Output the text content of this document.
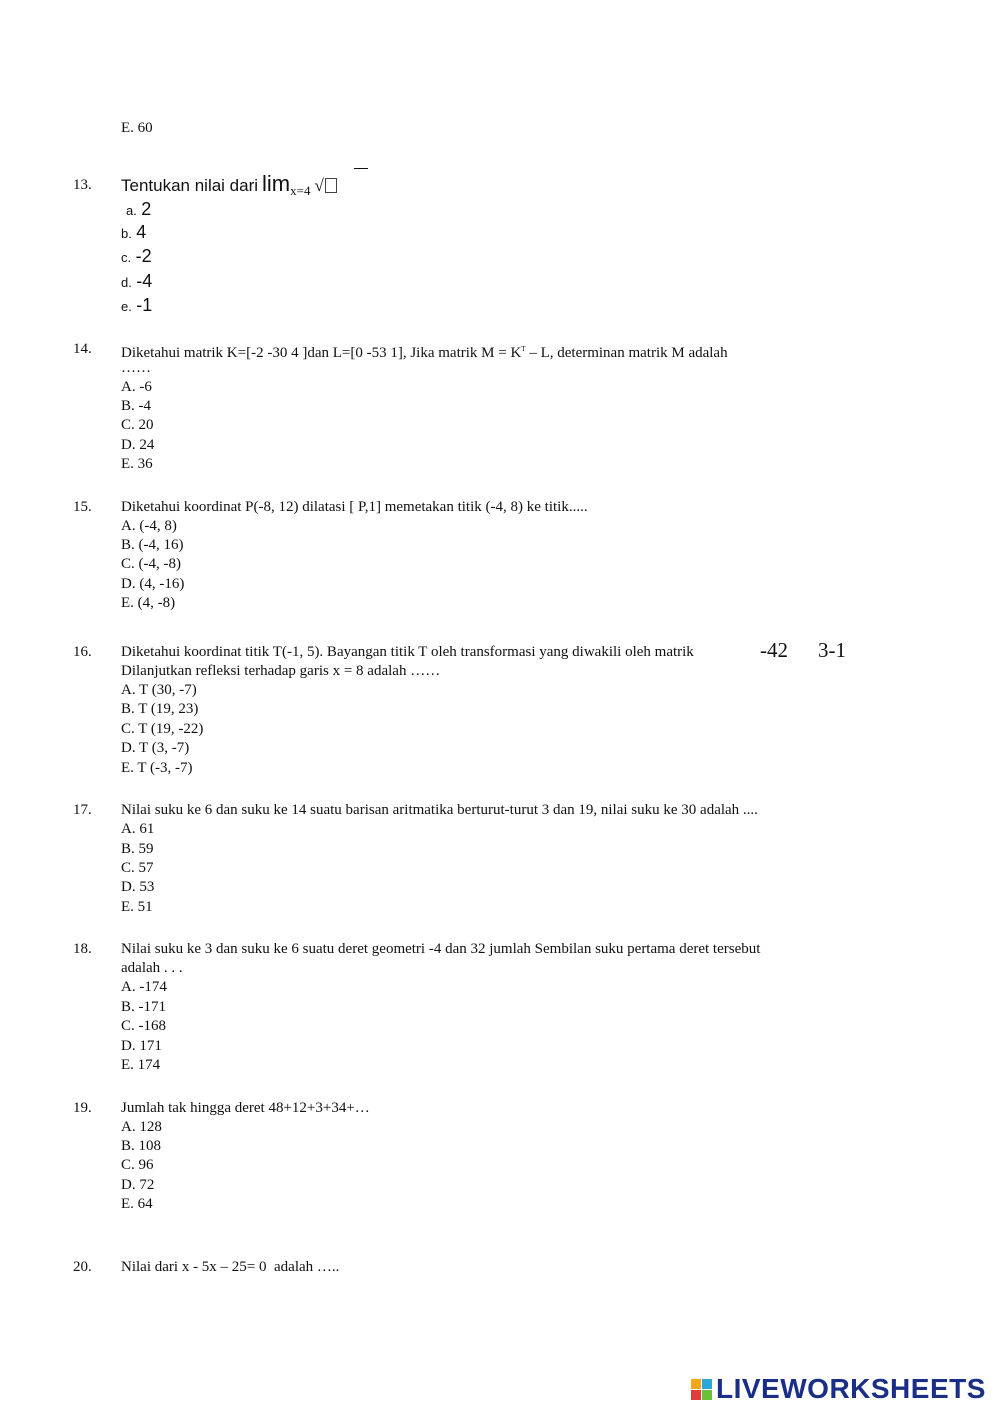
E. 60
13. Tentukan nilai dari $\lim_{x=4}$ √
a. 2
b. 4
c. -2
d. -4
e. -1
14. Diketahui matrik K=[-2 -30 4 ]dan L=[0 -53 1], Jika matrik $M = K^T - L$, determinan matrik M adalah
……
A. -6
B. -4
C. 20
D. 24
E. 36
15. Diketahui koordinat P(-8, 12) dilatasi [ P,1] memetakan titik (-4, 8) ke titik.....
A. (-4, 8)
B. (-4, 16)
C. (-4, -8)
D. (4, -16)
E. (4, -8)
16. Diketahui koordinat titik T(-1, 5). Bayangan titik T oleh transformasi yang diwakili oleh matrik	-42 3-1
Dilanjutkan refleksi terhadap garis x = 8 adalah ……
A. T (30, -7)
B. T (19, 23)
C. T (19, -22)
D. T (3, -7)
E. T (-3, -7)
17. Nilai suku ke 6 dan suku ke 14 suatu barisan aritmatika berturut-turut 3 dan 19, nilai suku ke 30 adalah ....
A. 61
B. 59
C. 57
D. 53
E. 51
18. Nilai suku ke 3 dan suku ke 6 suatu deret geometri -4 dan 32 jumlah Sembilan suku pertama deret tersebut
adalah . . .
A. -174
B. -171
C. -168
D. 171
E. 174
19. Jumlah tak hingga deret 48+12+3+34+…
A. 128
B. 108
C. 96
D. 72
E. 64
20. Nilai dari x - 5x – 25= 0  adalah …..
LIVEWORKSHEETS
